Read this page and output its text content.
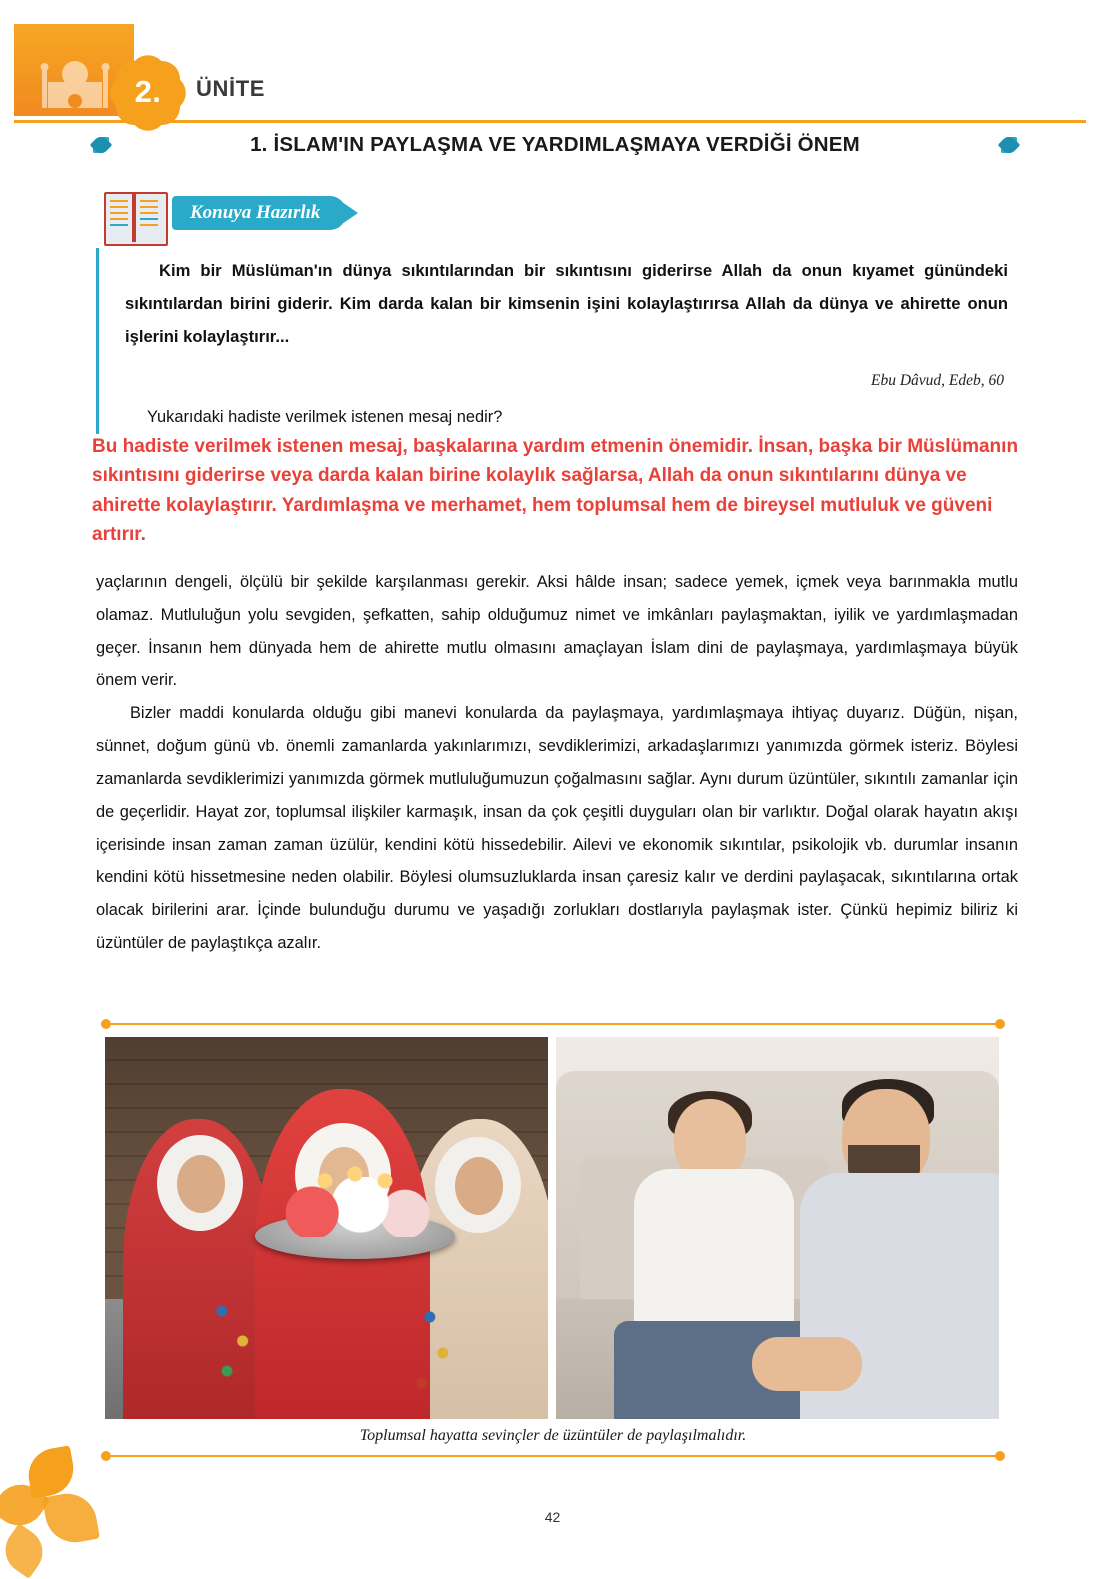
2.	ÜNİTE
1. İSLAM'IN PAYLAŞMA VE YARDIMLAŞMAYA VERDİĞİ ÖNEM
Konuya Hazırlık

Kim bir Müslüman'ın dünya sıkıntılarından bir sıkıntısını giderirse Allah da onun kıyamet günündeki sıkıntılardan birini giderir. Kim darda kalan bir kimsenin işini kolaylaştırırsa Allah da dünya ve ahirette onun işlerini kolaylaştırır...

Ebu Dâvud, Edeb, 60
Yukarıdaki hadiste verilmek istenen mesaj nedir?
Bu hadiste verilmek istenen mesaj, başkalarına yardım etmenin önemidir. İnsan, başka bir Müslümanın sıkıntısını giderirse veya darda kalan birine kolaylık sağlarsa, Allah da onun sıkıntılarını dünya ve ahirette kolaylaştırır. Yardımlaşma ve merhamet, hem toplumsal hem de bireysel mutluluk ve güveni artırır.

yaçlarının dengeli, ölçülü bir şekilde karşılanması gerekir. Aksi hâlde insan; sadece yemek, içmek veya barınmakla mutlu olamaz. Mutluluğun yolu sevgiden, şefkatten, sahip olduğumuz nimet ve imkânları paylaşmaktan, iyilik ve yardımlaşmadan geçer. İnsanın hem dünyada hem de ahirette mutlu olmasını amaçlayan İslam dini de paylaşmaya, yardımlaşmaya büyük önem verir.

Bizler maddi konularda olduğu gibi manevi konularda da paylaşmaya, yardımlaşmaya ihtiyaç duyarız. Düğün, nişan, sünnet, doğum günü vb. önemli zamanlarda yakınlarımızı, sevdiklerimizi, arkadaşlarımızı yanımızda görmek isteriz. Böylesi zamanlarda sevdiklerimizi yanımızda görmek mutluluğumuzun çoğalmasını sağlar. Aynı durum üzüntüler, sıkıntılı zamanlar için de geçerlidir. Hayat zor, toplumsal ilişkiler karmaşık, insan da çok çeşitli duyguları olan bir varlıktır. Doğal olarak hayatın akışı içerisinde insan zaman zaman üzülür, kendini kötü hissedebilir. Ailevi ve ekonomik sıkıntılar, psikolojik vb. durumlar insanın kendini kötü hissetmesine neden olabilir. Böylesi olumsuzluklarda insan çaresiz kalır ve derdini paylaşacak, sıkıntılarına ortak olacak birilerini arar. İçinde bulunduğu durumu ve yaşadığı zorlukları dostlarıyla paylaşmak ister. Çünkü hepimiz biliriz ki üzüntüler de paylaştıkça azalır.

Toplumsal hayatta sevinçler de üzüntüler de paylaşılmalıdır.
42
